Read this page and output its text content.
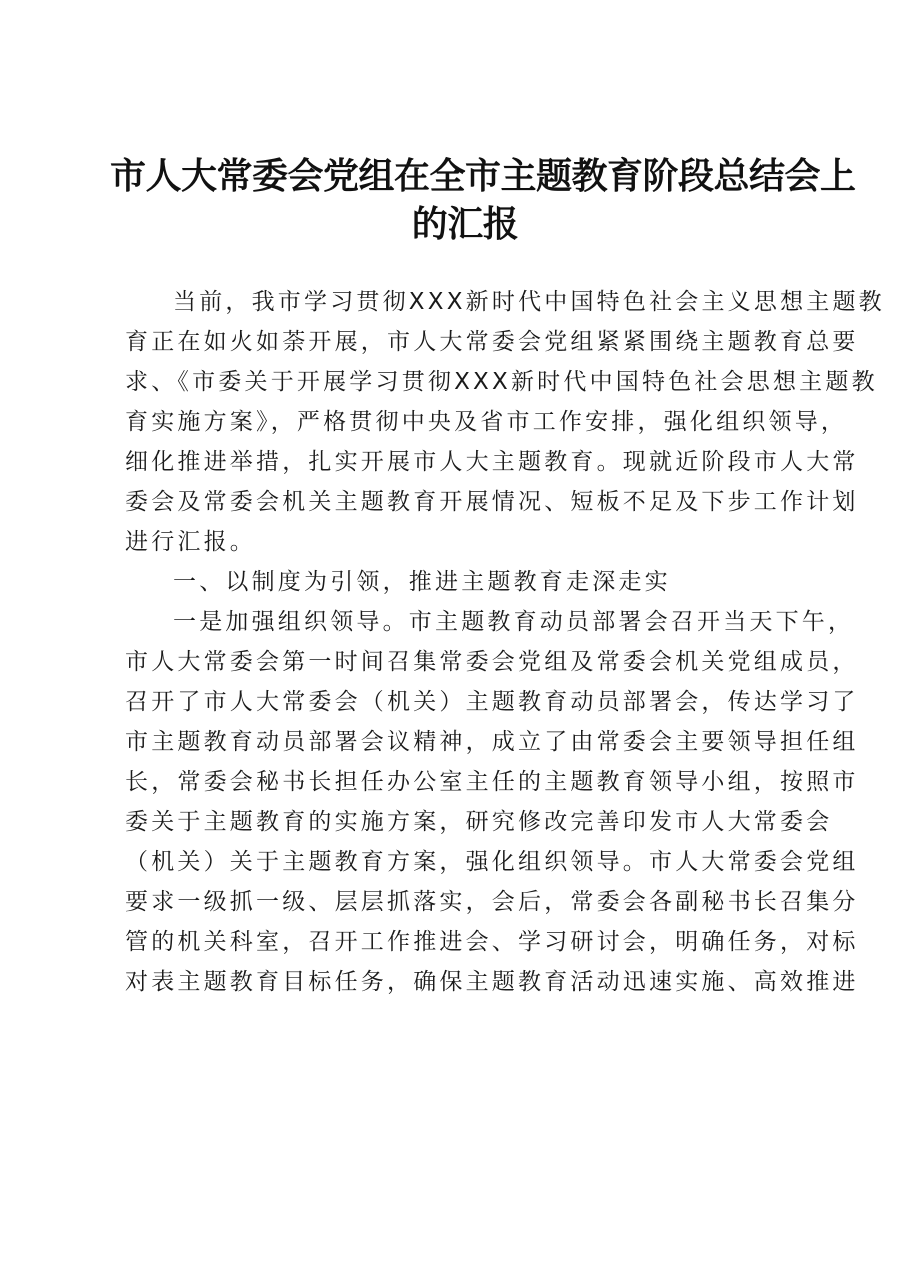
市人大常委会党组在全市主题教育阶段总结会上
的汇报
当前，我市学习贯彻XXX新时代中国特色社会主义思想主题教
育正在如火如荼开展，市人大常委会党组紧紧围绕主题教育总要
求、《市委关于开展学习贯彻XXX新时代中国特色社会思想主题教
育实施方案》，严格贯彻中央及省市工作安排，强化组织领导，
细化推进举措，扎实开展市人大主题教育。现就近阶段市人大常
委会及常委会机关主题教育开展情况、短板不足及下步工作计划
进行汇报。
一、以制度为引领，推进主题教育走深走实
一是加强组织领导。市主题教育动员部署会召开当天下午，
市人大常委会第一时间召集常委会党组及常委会机关党组成员，
召开了市人大常委会（机关）主题教育动员部署会，传达学习了
市主题教育动员部署会议精神，成立了由常委会主要领导担任组
长，常委会秘书长担任办公室主任的主题教育领导小组，按照市
委关于主题教育的实施方案，研究修改完善印发市人大常委会
（机关）关于主题教育方案，强化组织领导。市人大常委会党组
要求一级抓一级、层层抓落实，会后，常委会各副秘书长召集分
管的机关科室，召开工作推进会、学习研讨会，明确任务，对标
对表主题教育目标任务，确保主题教育活动迅速实施、高效推进
